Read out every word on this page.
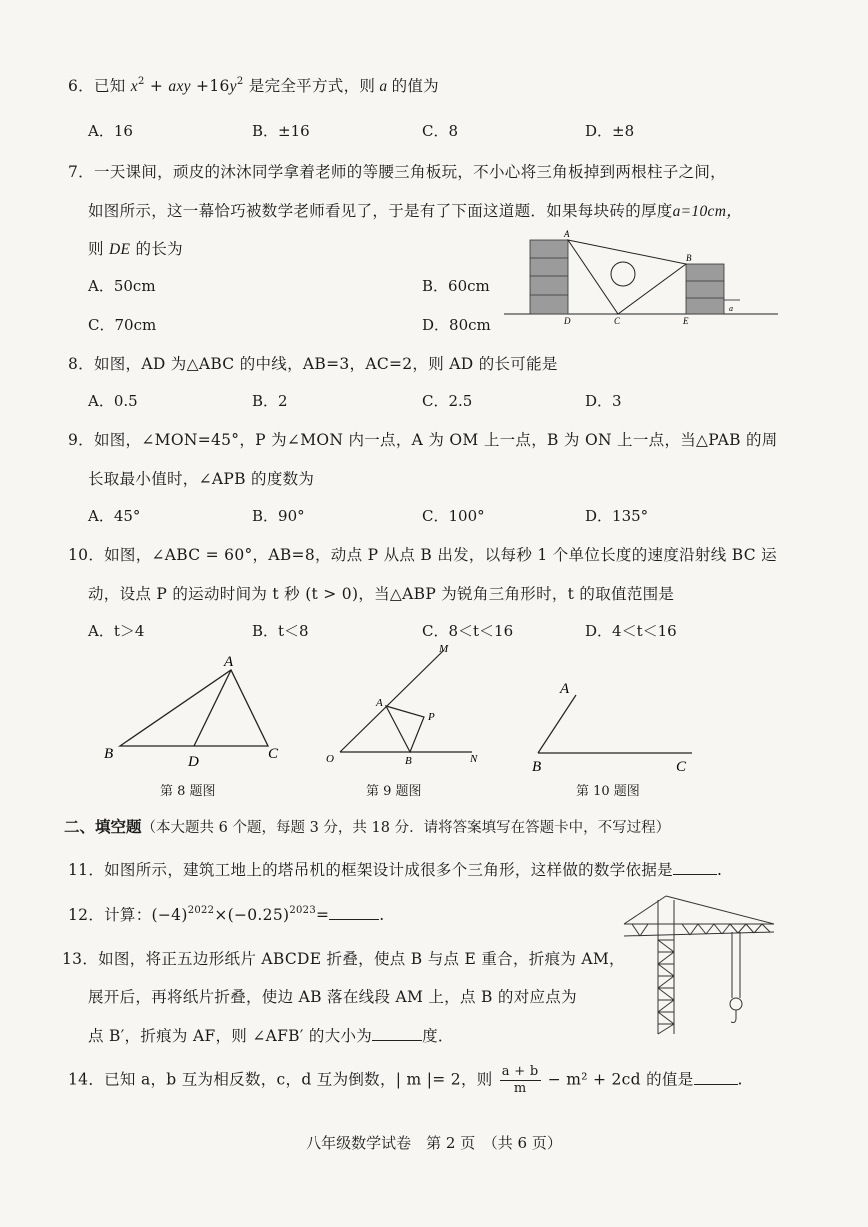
6．已知 $x^2$ + axy $+16y^2$ 是完全平方式，则 a 的值为
A．16	B．±16	C．8	D．±8
7．一天课间，顽皮的沐沐同学拿着老师的等腰三角板玩，不小心将三角板掉到两根柱子之间，
如图所示，这一幕恰巧被数学老师看见了，于是有了下面这道题．如果每块砖的厚度a=10cm，
则 DE 的长为
A．50cm	B．60cm
C．70cm	D．80cm
A
B
C
D	E
a
8．如图，AD 为△ABC 的中线，AB=3，AC=2，则 AD 的长可能是
A．0.5	B．2	C．2.5	D．3
9．如图，∠MON=45°，P 为∠MON 内一点，A 为 OM 上一点，B 为 ON 上一点，当△PAB 的周
长取最小值时，∠APB 的度数为
A．45°	B．90°	C．100°	D．135°
10．如图，∠ABC = 60°，AB=8，动点 P 从点 B 出发，以每秒 1 个单位长度的速度沿射线 BC 运
动，设点 P 的运动时间为 t 秒 (t > 0)，当△ABP 为锐角三角形时，t 的取值范围是
A．t＞4	B．t＜8	C．8＜t＜16	D．4＜t＜16
A
B	D	C
第 8 题图
M
A
P
O	B	N
第 9 题图
A
B	C
第 10 题图
二、填空题（本大题共 6 个题，每题 3 分，共 18 分．请将答案填写在答题卡中，不写过程）
11．如图所示，建筑工地上的塔吊机的框架设计成很多个三角形，这样做的数学依据是	.
12．计算：$(-4)^{2022}\times(-0.25)^{2023}=$	.
13．如图，将正五边形纸片 ABCDE 折叠，使点 B 与点 E 重合，折痕为 AM，
展开后，再将纸片折叠，使边 AB 落在线段 AM 上，点 B 的对应点为
点 B′，折痕为 AF，则 ∠AFB′ 的大小为	度．
14．已知 a，b 互为相反数，c，d 互为倒数，| m |= 2，则 $\frac{a + b}{m} - m^2 + 2cd$ 的值是	.
八年级数学试卷　第 2 页　（共 6 页）
